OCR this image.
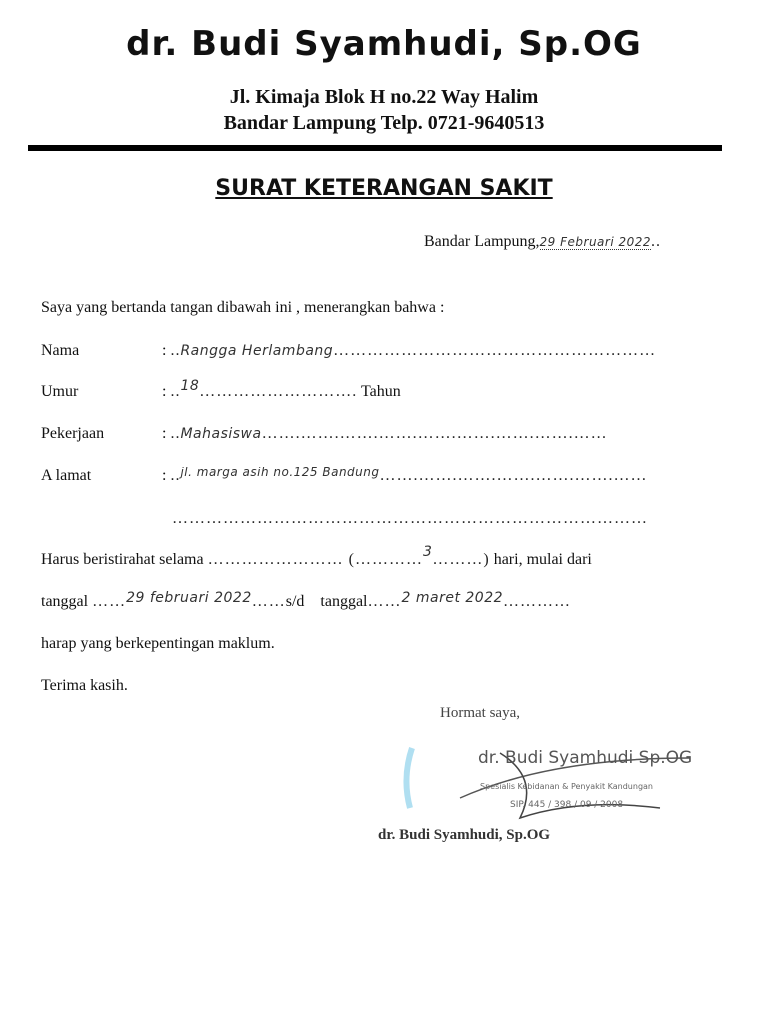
dr. Budi Syamhudi, Sp.OG
Jl. Kimaja Blok H no.22 Way Halim
Bandar Lampung Telp. 0721-9640513
SURAT KETERANGAN SAKIT
Bandar Lampung,29 Februari 2022..
Saya yang bertanda tangan dibawah ini , menerangkan bahwa :
Nama	: ..Rangga Herlambang…………………………………………………
Umur	: ..18………………………. Tahun
Pekerjaan	: ..Mahasiswa…….…….…….…….…….…….…….…….……
A lamat	: ..$^{jl. marga asih no.125 Bandung}$…….…….…….…….…….…….……
…………………………………………………………………………
Harus beristirahat selama …………………… (…………3………) hari, mulai dari
tanggal ……29 februari 2022……s/d tanggal……2 maret 2022…………
harap yang berkepentingan maklum.
Terima kasih.
Hormat saya,
dr. Budi Syamhudi Sp.OG
Spesialis Kebidanan & Penyakit Kandungan
SIP. 445 / 398 / 09 / 2008
dr. Budi Syamhudi, Sp.OG
